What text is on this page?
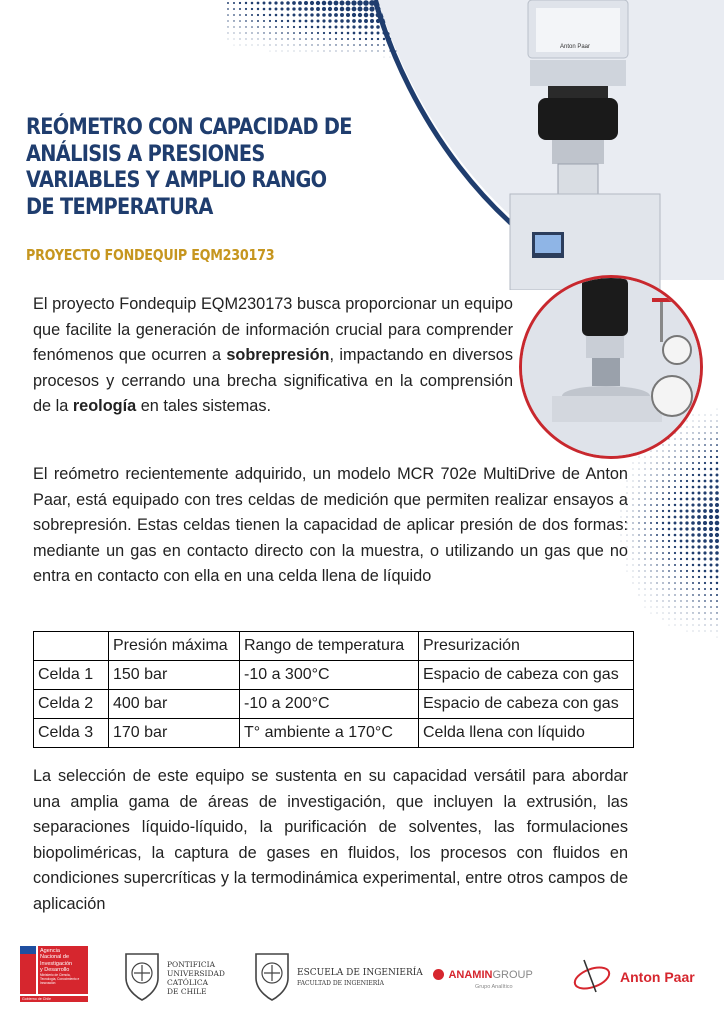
Anton Paar
REÓMETRO CON CAPACIDAD DE ANÁLISIS A PRESIONES VARIABLES Y AMPLIO RANGO DE TEMPERATURA
PROYECTO FONDEQUIP EQM230173

El proyecto Fondequip EQM230173 busca proporcionar un equipo que facilite la generación de información crucial para comprender fenómenos que ocurren a sobrepresión, impactando en diversos procesos y cerrando una brecha significativa en la comprensión de la reología en tales sistemas.

El reómetro recientemente adquirido, un modelo MCR 702e MultiDrive de Anton Paar, está equipado con tres celdas de medición que permiten realizar ensayos a sobrepresión. Estas celdas tienen la capacidad de aplicar presión de dos formas: mediante un gas en contacto directo con la muestra, o utilizando un gas que no entra en contacto con ella en una celda llena de líquido

	Presión máxima	Rango de temperatura	Presurización
Celda 1	150 bar	-10 a 300°C	Espacio de cabeza con gas
Celda 2	400 bar	-10 a 200°C	Espacio de cabeza con gas
Celda 3	170 bar	T° ambiente a 170°C	Celda llena con líquido

La selección de este equipo se sustenta en su capacidad versátil para abordar una amplia gama de áreas de investigación, que incluyen la extrusión, las separaciones líquido-líquido, la purificación de solventes, las formulaciones biopoliméricas, la captura de gases en fluidos, los procesos con fluidos en condiciones supercríticas y la termodinámica experimental, entre otros campos de aplicación

Agencia
Nacional de
Investigación
y Desarrollo
Ministerio de Ciencia, Tecnología, Conocimiento e Innovación
Gobierno de Chile
PONTIFICIA
UNIVERSIDAD
CATÓLICA
DE CHILE
ESCUELA DE INGENIERÍA
FACULTAD DE INGENIERÍA
ANAMINGROUP
Grupo Analítico
Anton Paar
